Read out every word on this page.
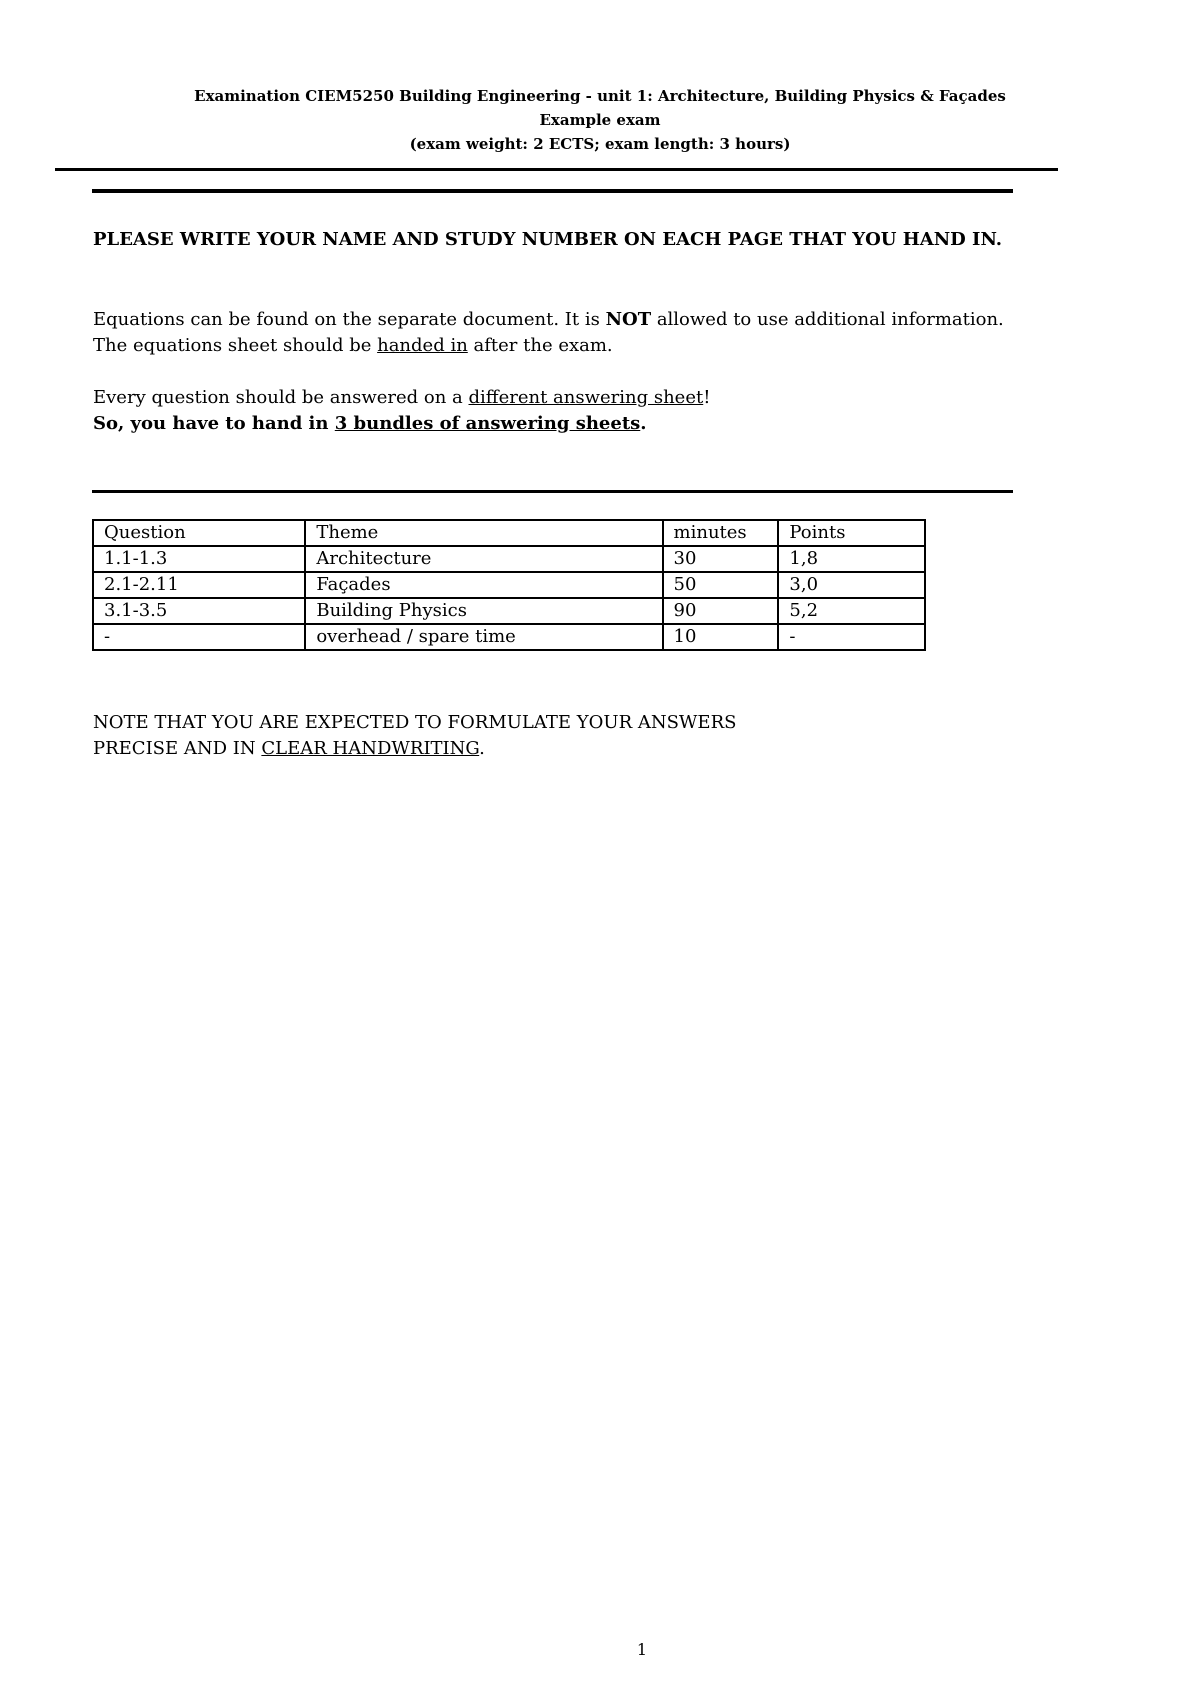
Examination CIEM5250 Building Engineering - unit 1: Architecture, Building Physics & Façades
Example exam
(exam weight: 2 ECTS; exam length: 3 hours)
PLEASE WRITE YOUR NAME AND STUDY NUMBER ON EACH PAGE THAT YOU HAND IN.
Equations can be found on the separate document. It is NOT allowed to use additional information.
The equations sheet should be handed in after the exam.
Every question should be answered on a different answering sheet!
So, you have to hand in 3 bundles of answering sheets.
Question	Theme	minutes	Points
1.1-1.3	Architecture	30	1,8
2.1-2.11	Façades	50	3,0
3.1-3.5	Building Physics	90	5,2
-	overhead / spare time	10	-
NOTE THAT YOU ARE EXPECTED TO FORMULATE YOUR ANSWERS
PRECISE AND IN CLEAR HANDWRITING.
1
